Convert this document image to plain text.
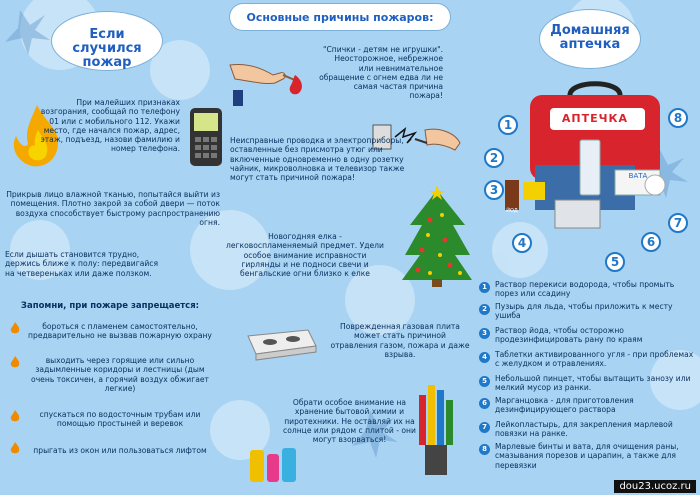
Если случился пожар
Основные причины пожаров:
Домашняя аптечка
При малейших признаках возгорания, сообщай по телефону 01 или с мобильного 112. Укажи место, где начался пожар, адрес, этаж, подъезд, назови фамилию и номер телефона.
Прикрыв лицо влажной тканью, попытайся выйти из помещения. Плотно закрой за собой двери — поток воздуха способствует быстрому распространению огня.
Если дышать становится трудно, держись ближе к полу: передвигайся на четвереньках или даже ползком.
Запомни, при пожаре запрещается:
бороться с пламенем самостоятельно, предварительно не вызвав пожарную охрану
выходить через горящие или сильно задымленные коридоры и лестницы (дым очень токсичен, а горячий воздух обжигает легкие)
спускаться по водосточным трубам или помощью простыней и веревок
прыгать из окон или пользоваться лифтом
"Спички - детям не игрушки". Неосторожное, небрежное или невнимательное обращение с огнем едва ли не самая частая причина пожара!
Неисправные проводка и электроприборы, оставленные без присмотра утюг или включенные одновременно в одну розетку чайник, микроволновка и телевизор также могут стать причиной пожара!
Новогодняя елка - легковоспламеняемый предмет. Удели особое внимание исправности гирлянды и не подноси свечи и бенгальские огни близко к елке
Поврежденная газовая плита может стать причиной отравления газом, пожара и даже взрыва.
Обрати особое внимание на хранение бытовой химии и пиротехники. Не оставляй их на солнце или рядом с плитой - они могут взорваться!
АПТЕЧКА
ВАТА
ЙОД
1
2
3
4
5
6
7
8
1	Раствор перекиси водорода, чтобы промыть порез или ссадину
2	Пузырь для льда, чтобы приложить к месту ушиба
3	Раствор йода, чтобы осторожно продезинфицировать рану по краям
4	Таблетки активированного угля - при проблемах с желудком и отравлениях.
5	Небольшой пинцет, чтобы вытащить занозу или мелкий мусор из ранки.
6	Марганцовка - для приготовления дезинфицирующего раствора
7	Лейкопластырь, для закрепления марлевой повязки на ранке.
8	Марлевые бинты и вата, для очищения раны, смазывания порезов и царапин, а также для перевязки
dou23.ucoz.ru
